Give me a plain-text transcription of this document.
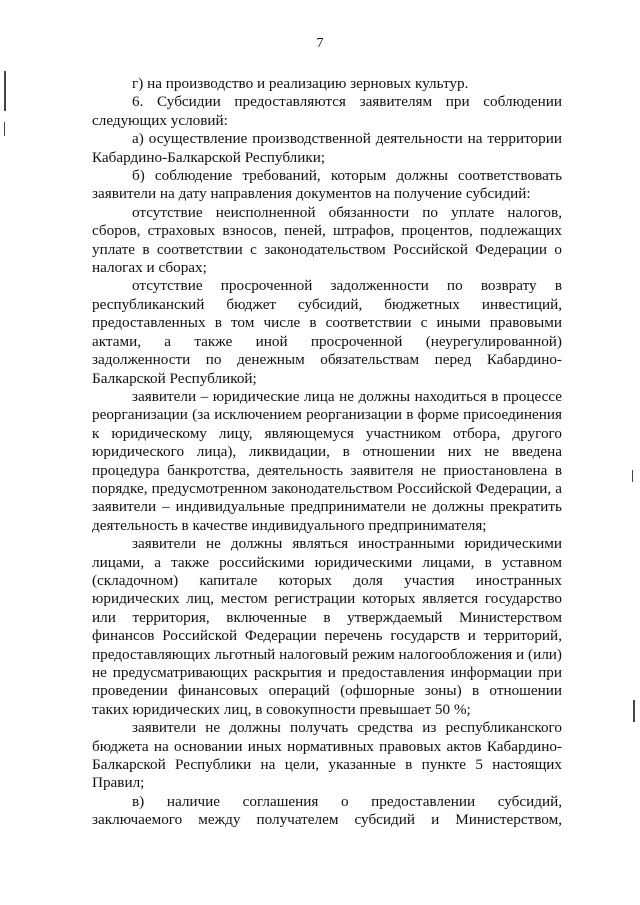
7

г) на производство и реализацию зерновых культур.

6. Субсидии предоставляются заявителям при соблюдении следующих условий:

а) осуществление производственной деятельности на территории Кабардино-Балкарской Республики;

б) соблюдение требований, которым должны соответствовать заявители на дату направления документов на получение субсидий:

отсутствие неисполненной обязанности по уплате налогов, сборов, страховых взносов, пеней, штрафов, процентов, подлежащих уплате в соответствии с законодательством Российской Федерации о налогах и сборах;

отсутствие просроченной задолженности по возврату в республиканский бюджет субсидий, бюджетных инвестиций, предоставленных в том числе в соответствии с иными правовыми актами, а также иной просроченной (неурегулированной) задолженности по денежным обязательствам перед Кабардино-Балкарской Республикой;

заявители – юридические лица не должны находиться в процессе реорганизации (за исключением реорганизации в форме присоединения к юридическому лицу, являющемуся участником отбора, другого юридического лица), ликвидации, в отношении них не введена процедура банкротства, деятельность заявителя не приостановлена в порядке, предусмотренном законодательством Российской Федерации, а заявители – индивидуальные предприниматели не должны прекратить деятельность в качестве индивидуального предпринимателя;

заявители не должны являться иностранными юридическими лицами, а также российскими юридическими лицами, в уставном (складочном) капитале которых доля участия иностранных юридических лиц, местом регистрации которых является государство или территория, включенные в утверждаемый Министерством финансов Российской Федерации перечень государств и территорий, предоставляющих льготный налоговый режим налогообложения и (или) не предусматривающих раскрытия и предоставления информации при проведении финансовых операций (офшорные зоны) в отношении таких юридических лиц, в совокупности превышает 50 %;

заявители не должны получать средства из республиканского бюджета на основании иных нормативных правовых актов Кабардино-Балкарской Республики на цели, указанные в пункте 5 настоящих Правил;

в) наличие соглашения о предоставлении субсидий, заключаемого между получателем субсидий и Министерством,
